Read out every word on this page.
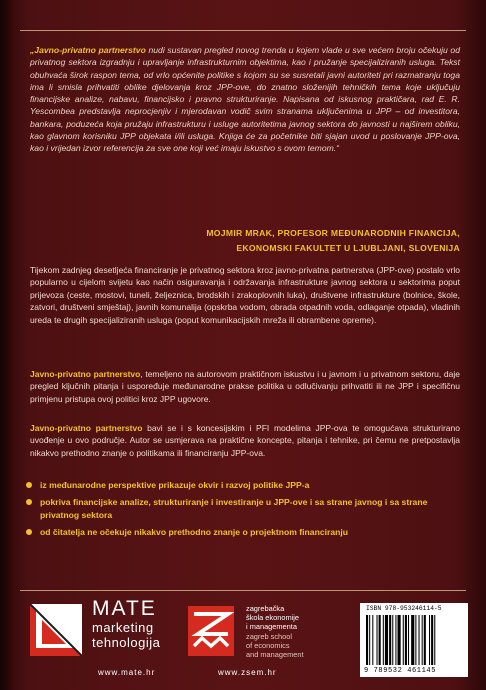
„Javno-privatno partnerstvo nudi sustavan pregled novog trenda u kojem vlade u sve većem broju očekuju od privatnog sektora izgradnju i upravljanje infrastrukturnim objektima, kao i pružanje specijaliziranih usluga. Tekst obuhvaća širok raspon tema, od vrlo općenite politike s kojom su se susretali javni autoriteti pri razmatranju toga ima li smisla prihvatiti oblike djelovanja kroz JPP-ove, do znatno složenijih tehničkih tema koje uključuju financijske analize, nabavu, financijsko i pravno strukturiranje. Napisana od iskusnog praktičara, rad E. R. Yescombea predstavlja neprocjenjiv i mjerodavan vodič svim stranama uključenima u JPP – od investitora, bankara, poduzeća koja pružaju infrastrukturu i usluge autoritetima javnog sektora do javnosti u najširem obliku, kao glavnom korisniku JPP objekata i/ili usluga. Knjiga će za početnike biti sjajan uvod u poslovanje JPP-ova, kao i vrijedan izvor referencija za sve one koji već imaju iskustvo s ovom temom.“

MOJMIR MRAK, PROFESOR MEĐUNARODNIH FINANCIJA,
EKONOMSKI FAKULTET U LJUBLJANI, SLOVENIJA

Tijekom zadnjeg desetljeća financiranje je privatnog sektora kroz javno-privatna partnerstva (JPP-ove) postalo vrlo popularno u cijelom svijetu kao način osiguravanja i održavanja infrastrukture javnog sektora u sektorima poput prijevoza (ceste, mostovi, tuneli, željeznica, brodskih i zrakoplovnih luka), društvene infrastrukture (bolnice, škole, zatvori, društveni smještaj), javnih komunalija (opskrba vodom, obrada otpadnih voda, odlaganje otpada), vladinih ureda te drugih specijaliziranih usluga (poput komunikacijskih mreža ili obrambene opreme).

Javno-privatno partnerstvo, temeljeno na autorovom praktičnom iskustvu i u javnom i u privatnom sektoru, daje pregled ključnih pitanja i uspoređuje međunarodne prakse politika u odlučivanju prihvatiti ili ne JPP i specifičnu primjenu pristupa ovoj politici kroz JPP ugovore.

Javno-privatno partnerstvo bavi se i s koncesijskim i PFI modelima JPP-ova te omogućava strukturirano uvođenje u ovo područje. Autor se usmjerava na praktične koncepte, pitanja i tehnike, pri čemu ne pretpostavlja nikakvo prethodno znanje o politikama ili financiranju JPP-ova.

iz međunarodne perspektive prikazuje okvir i razvoj politike JPP-a
pokriva financijske analize, strukturiranje i investiranje u JPP-ove i sa strane javnog i sa strane privatnog sektora
od čitatelja ne očekuje nikakvo prethodno znanje o projektnom financiranju
MATE
marketing
tehnologija
www.mate.hr
zagrebačka
škola ekonomije
i managementa
zagreb school
of economics
and management
www.zsem.hr
ISBN 978-953246114-5
9 789532 461145
